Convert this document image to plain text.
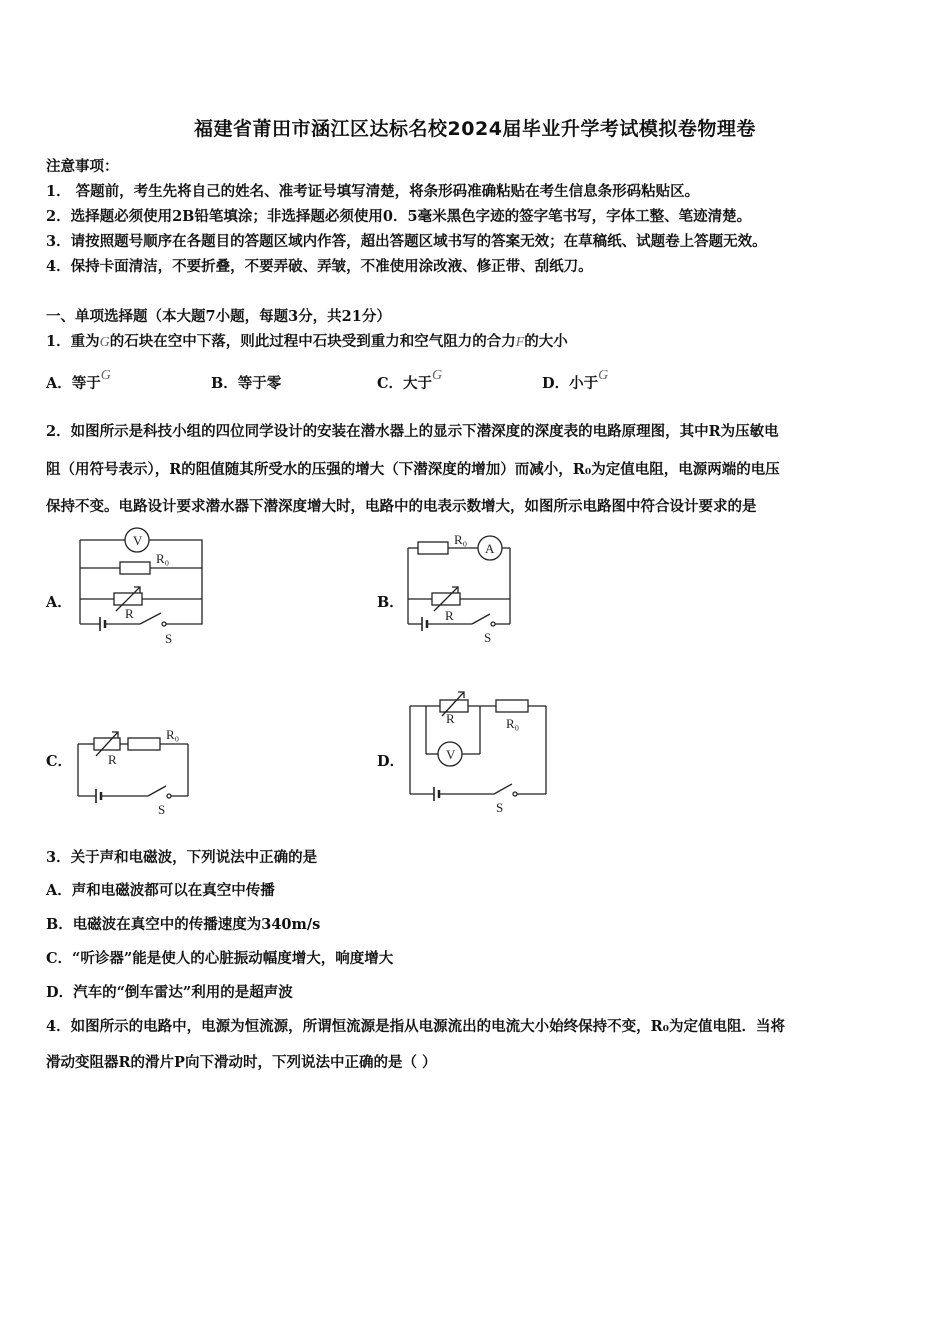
福建省莆田市涵江区达标名校2024届毕业升学考试模拟卷物理卷
注意事项：
1． 答题前，考生先将自己的姓名、准考证号填写清楚，将条形码准确粘贴在考生信息条形码粘贴区。
2．选择题必须使用2B铅笔填涂；非选择题必须使用0．5毫米黑色字迹的签字笔书写，字体工整、笔迹清楚。
3．请按照题号顺序在各题目的答题区域内作答，超出答题区域书写的答案无效；在草稿纸、试题卷上答题无效。
4．保持卡面清洁，不要折叠，不要弄破、弄皱，不准使用涂改液、修正带、刮纸刀。
一、单项选择题（本大题7小题，每题3分，共21分）
1．重为G的石块在空中下落，则此过程中石块受到重力和空气阻力的合力F的大小
A．等于G	B．等于零	C．大于G	D．小于G
2．如图所示是科技小组的四位同学设计的安装在潜水器上的显示下潜深度的深度表的电路原理图，其中R为压敏电
阻（用符号表示），R的阻值随其所受水的压强的增大（下潜深度的增加）而减小，R₀为定值电阻，电源两端的电压
保持不变。电路设计要求潜水器下潜深度增大时，电路中的电表示数增大，如图所示电路图中符合设计要求的是
A．	B．
C．	D．
V
R₀
R
S
R₀
A
R
S
R₀
R
S
R	R₀
V
S
3．关于声和电磁波，下列说法中正确的是
A．声和电磁波都可以在真空中传播
B．电磁波在真空中的传播速度为340m/s
C．“听诊器”能是使人的心脏振动幅度增大，响度增大
D．汽车的“倒车雷达”利用的是超声波
4．如图所示的电路中，电源为恒流源，所谓恒流源是指从电源流出的电流大小始终保持不变，R₀为定值电阻．当将
滑动变阻器R的滑片P向下滑动时，下列说法中正确的是（ ）
